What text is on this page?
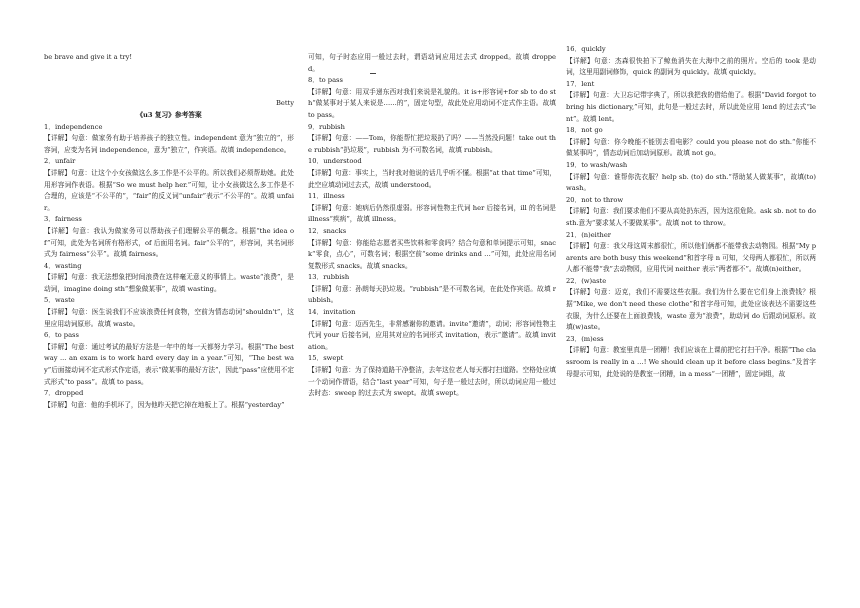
be brave and give it a try!

Betty

《u3 复习》参考答案

1．independence

【详解】句意：做家务有助于培养孩子的独立性。independent 意为“独立的”，形容词，应变为名词 independence，意为“独立”，作宾语。故填 independence。

2．unfair

【详解】句意：让这个小女孩做这么多工作是不公平的。所以我们必须帮助她。此处用形容词作表语。根据“So we must help her.”可知，让小女孩做这么多工作是不合理的，应该是“不公平的”，“fair”的反义词“unfair”表示“不公平的”。故填 unfair。

3．fairness

【详解】句意：我认为做家务可以帮助孩子们理解公平的概念。根据“the idea of”可知，此处为名词所有格形式，of 后面用名词。fair“公平的”，形容词，其名词形式为 fairness“公平”。故填 fairness。

4．wasting

【详解】句意：我无法想象把时间浪费在这样毫无意义的事情上。waste“浪费”，是动词，imagine doing sth“想象做某事”，故填 wasting。

5．waste

【详解】句意：医生说我们不应该浪费任何食物，空前为情态动词“shouldn't”，这里应用动词原形。故填 waste。

6．to pass

【详解】句意：通过考试的最好方法是一年中的每一天都努力学习。根据“The best way ... an exam is to work hard every day in a year.”可知，“The best way”后面接动词不定式形式作定语，表示“做某事的最好方法”，因此“pass”应使用不定式形式“to pass”。故填 to pass。

7．dropped

【详解】句意：他的手机坏了，因为他昨天把它掉在地板上了。根据“yesterday”

可知，句子时态应用一般过去时，谓语动词应用过去式 dropped。故填 dropped。

8．to pass

【详解】句意：用双手递东西对我们来说是礼貌的。it is+形容词+for sb to do sth“做某事对于某人来说是……的”，固定句型，故此处应用动词不定式作主语。故填 to pass。

9．rubbish

【详解】句意：——Tom，你能帮忙把垃圾扔了吗？——当然没问题！take out the rubbish“扔垃圾”，rubbish 为不可数名词，故填 rubbish。

10．understood

【详解】句意：事实上，当时我对他说的话几乎听不懂。根据“at that time”可知，此空应填动词过去式，故填 understood。

11．illness

【详解】句意：她病后仍然很虚弱。形容词性物主代词 her 后接名词，ill 的名词是 illness“疾病”，故填 illness。

12．snacks

【详解】句意：你能给志愿者买些饮料和零食吗？结合句意和单词提示可知，snack“零食，点心”，可数名词；根据空前“some drinks and …”可知，此处应用名词复数形式 snacks。故填 snacks。

13．rubbish

【详解】句意：孙朗每天扔垃圾。“rubbish”是不可数名词，在此处作宾语。故填 rubbish。

14．invitation

【详解】句意：迈西先生，非常感谢你的邀请。invite“邀请”，动词；形容词性物主代词 your 后接名词，应用其对应的名词形式 invitation，表示“邀请”。故填 invitation。

15．swept

【详解】句意：为了保持道路干净整洁，去年这位老人每天都打扫道路。空格处应填一个动词作谓语，结合“last year”可知，句子是一般过去时，所以动词应用一般过去时态：sweep 的过去式为 swept。故填 swept。

16．quickly

【详解】句意：杰森很快拍下了鲸鱼消失在大海中之前的照片。空后的 took 是动词，这里用副词修饰，quick 的副词为 quickly。故填 quickly。

17．lent

【详解】句意：大卫忘记带字典了，所以我把我的借给他了。根据“David forgot to bring his dictionary,”可知，此句是一般过去时，所以此处应用 lend 的过去式“lent”。故填 lent。

18．not go

【详解】句意：你今晚能不能别去看电影？could you please not do sth.“你能不做某事吗”，情态动词后加动词原形。故填 not go。

19．to wash/wash

【详解】句意：谁帮你洗衣服？help sb. (to) do sth.“帮助某人做某事”，故填(to) wash。

20．not to throw

【详解】句意：我们要求他们不要从高处扔东西，因为这很危险。ask sb. not to do sth.意为“要求某人不要做某事”。故填 not to throw。

21．(n)either

【详解】句意：我父母这周末都很忙，所以他们俩都不能带我去动物园。根据“My parents are both busy this weekend”和首字母 n 可知，父母两人都很忙，所以两人都不能带“我”去动物园，应用代词 neither 表示“两者都不”。故填(n)either。

22．(w)aste

【详解】句意：迈克，我们不需要这些衣服。我们为什么要在它们身上浪费钱？根据“Mike, we don't need these clothe”和首字母可知，此处应该表达不需要这些衣服，为什么还要在上面浪费钱，waste 意为“浪费”，助动词 do 后跟动词原形。故填(w)aste。

23．(m)ess

【详解】句意：教室里真是一团糟！我们应该在上课前把它打扫干净。根据“The classroom is really in a …! We should clean up it before class begins.”及首字母提示可知，此处说的是教室一团糟，in a mess“一团糟”，固定词组，故
